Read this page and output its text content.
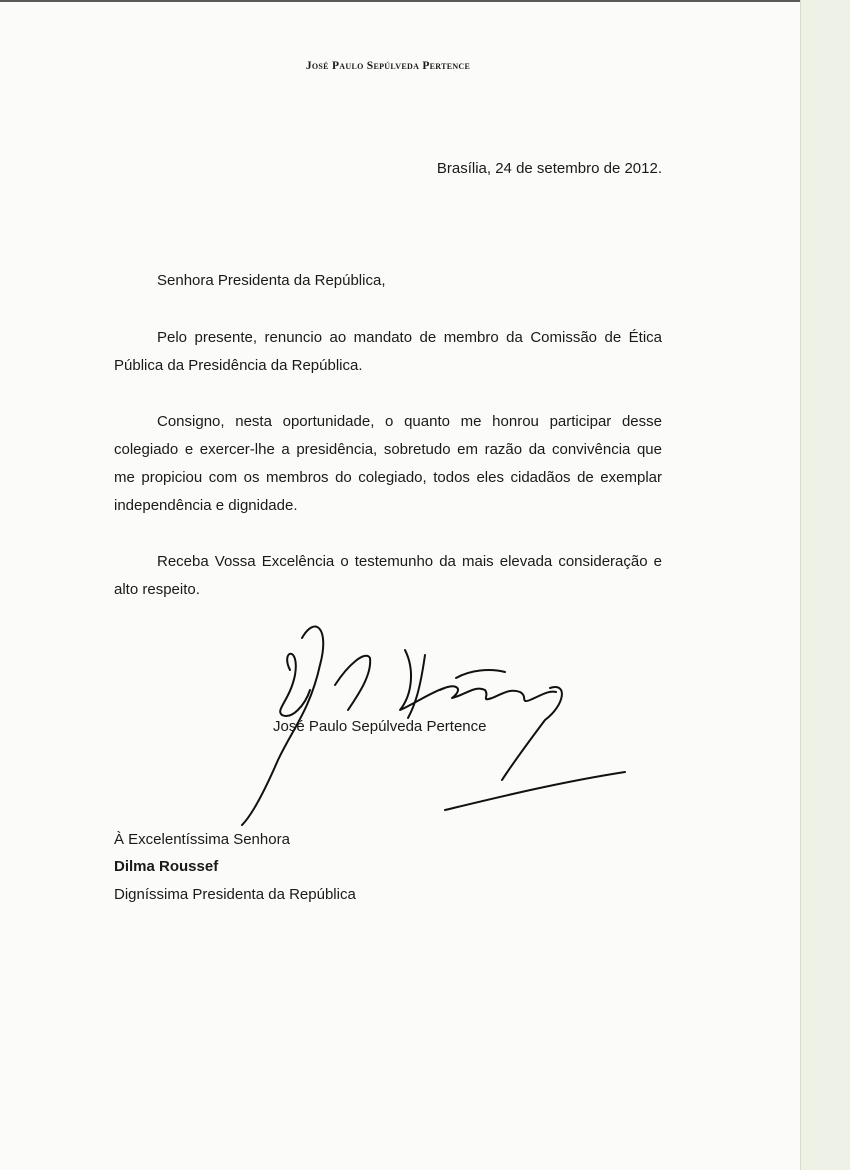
José Paulo Sepúlveda Pertence
Brasília, 24 de setembro de 2012.
Senhora Presidenta da República,

Pelo presente, renuncio ao mandato de membro da Comissão de Ética Pública da Presidência da República.

Consigno, nesta oportunidade, o quanto me honrou participar desse colegiado e exercer-lhe a presidência, sobretudo em razão da convivência que me propiciou com os membros do colegiado, todos eles cidadãos de exemplar independência e dignidade.

Receba Vossa Excelência o testemunho da mais elevada consideração e alto respeito.

José Paulo Sepúlveda Pertence
À Excelentíssima Senhora
Dilma Roussef
Digníssima Presidenta da República
